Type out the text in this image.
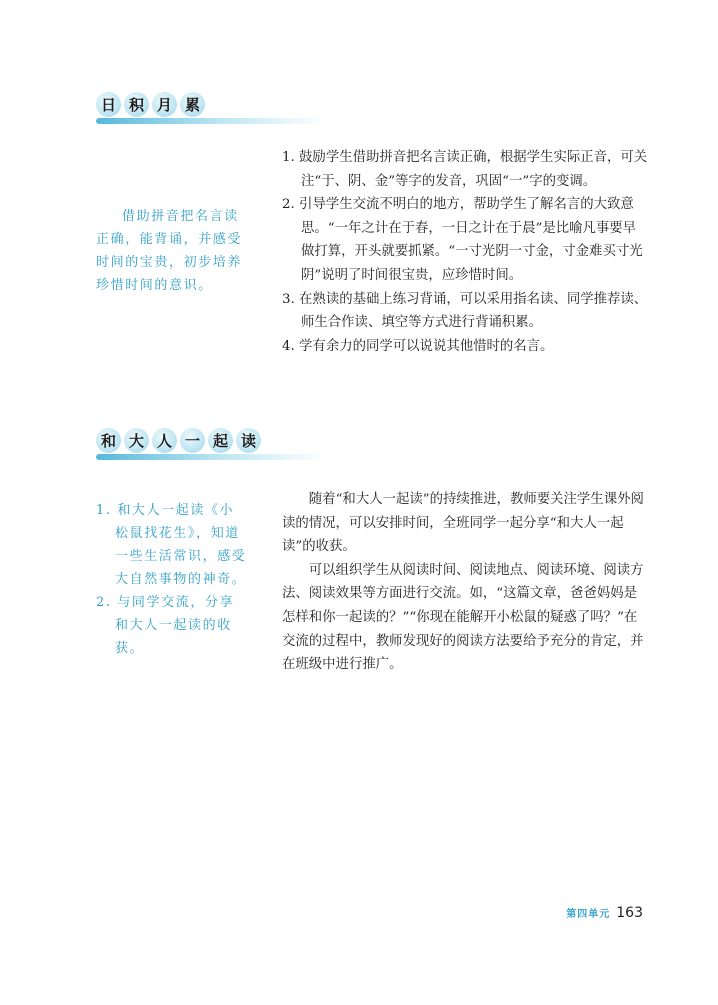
日 积 月 累

借助拼音把名言读正确，能背诵，并感受时间的宝贵，初步培养珍惜时间的意识。

1. 鼓励学生借助拼音把名言读正确，根据学生实际正音，可关注“于、阴、金”等字的发音，巩固“一”字的变调。
2. 引导学生交流不明白的地方，帮助学生了解名言的大致意思。“一年之计在于春，一日之计在于晨”是比喻凡事要早做打算，开头就要抓紧。“一寸光阴一寸金，寸金难买寸光阴”说明了时间很宝贵，应珍惜时间。
3. 在熟读的基础上练习背诵，可以采用指名读、同学推荐读、师生合作读、填空等方式进行背诵积累。
4. 学有余力的同学可以说说其他惜时的名言。
和 大 人 一 起 读
1. 和大人一起读《小松鼠找花生》，知道一些生活常识，感受大自然事物的神奇。
2. 与同学交流，分享和大人一起读的收获。

随着“和大人一起读”的持续推进，教师要关注学生课外阅读的情况，可以安排时间，全班同学一起分享“和大人一起读”的收获。

可以组织学生从阅读时间、阅读地点、阅读环境、阅读方法、阅读效果等方面进行交流。如，“这篇文章，爸爸妈妈是怎样和你一起读的？”“你现在能解开小松鼠的疑惑了吗？”在交流的过程中，教师发现好的阅读方法要给予充分的肯定，并在班级中进行推广。

第四单元 163
